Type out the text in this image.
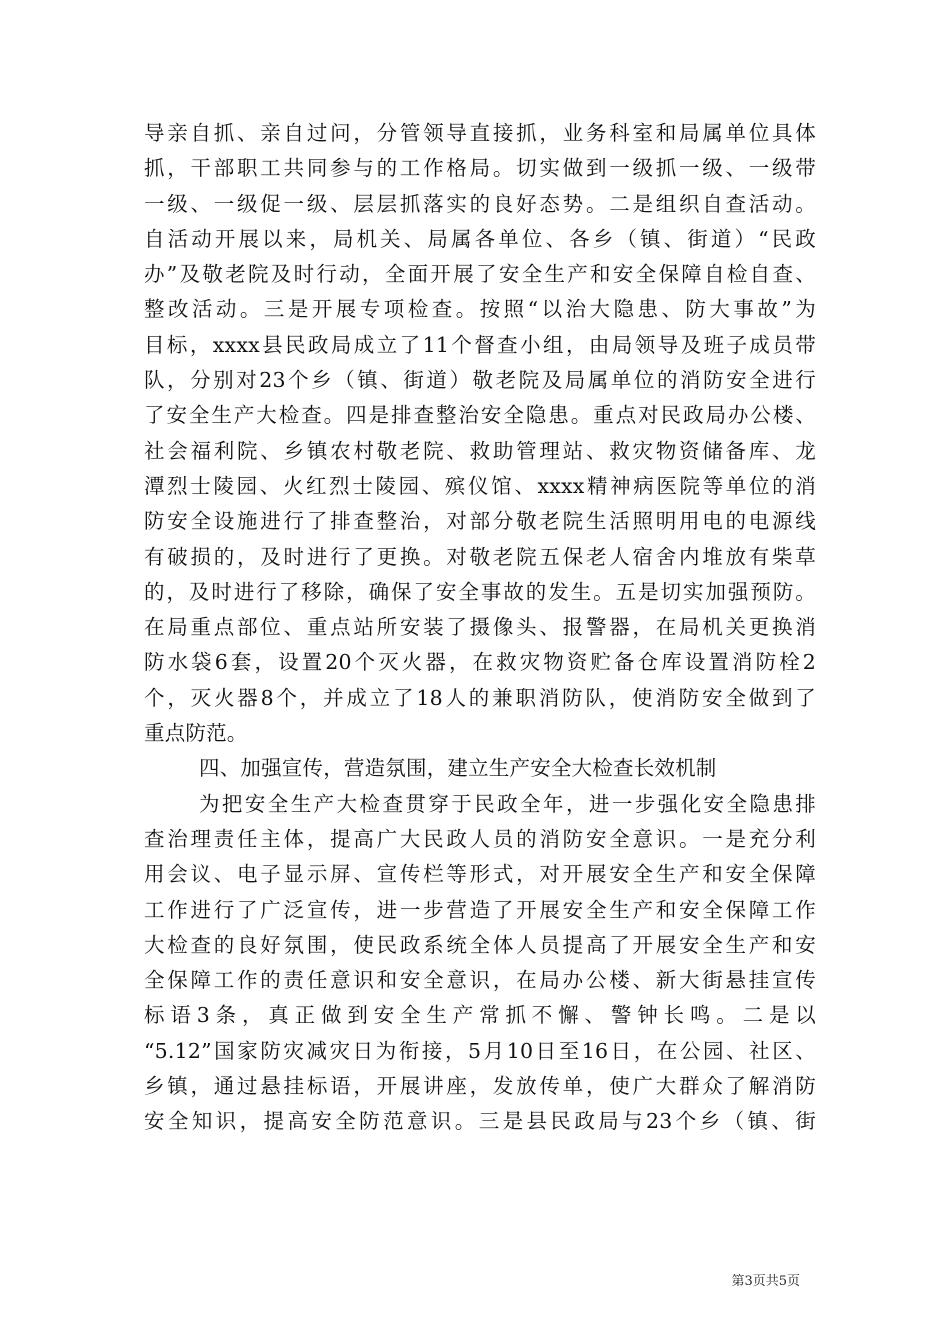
导亲自抓、亲自过问，分管领导直接抓，业务科室和局属单位具体
抓，干部职工共同参与的工作格局。切实做到一级抓一级、一级带
一级、一级促一级、层层抓落实的良好态势。二是组织自查活动。
自活动开展以来，局机关、局属各单位、各乡（镇、街道）“民政
办”及敬老院及时行动，全面开展了安全生产和安全保障自检自查、
整改活动。三是开展专项检查。按照“以治大隐患、防大事故”为
目标，xxxx县民政局成立了11个督查小组，由局领导及班子成员带
队，分别对23个乡（镇、街道）敬老院及局属单位的消防安全进行
了安全生产大检查。四是排查整治安全隐患。重点对民政局办公楼、
社会福利院、乡镇农村敬老院、救助管理站、救灾物资储备库、龙
潭烈士陵园、火红烈士陵园、殡仪馆、xxxx精神病医院等单位的消
防安全设施进行了排查整治，对部分敬老院生活照明用电的电源线
有破损的，及时进行了更换。对敬老院五保老人宿舍内堆放有柴草
的，及时进行了移除，确保了安全事故的发生。五是切实加强预防。
在局重点部位、重点站所安装了摄像头、报警器，在局机关更换消
防水袋6套，设置20个灭火器，在救灾物资贮备仓库设置消防栓2
个，灭火器8个，并成立了18人的兼职消防队，使消防安全做到了
重点防范。
四、加强宣传，营造氛围，建立生产安全大检查长效机制
为把安全生产大检查贯穿于民政全年，进一步强化安全隐患排
查治理责任主体，提高广大民政人员的消防安全意识。一是充分利
用会议、电子显示屏、宣传栏等形式，对开展安全生产和安全保障
工作进行了广泛宣传，进一步营造了开展安全生产和安全保障工作
大检查的良好氛围，使民政系统全体人员提高了开展安全生产和安
全保障工作的责任意识和安全意识，在局办公楼、新大街悬挂宣传
标语3条，真正做到安全生产常抓不懈、警钟长鸣。二是以
“5.12”国家防灾减灾日为衔接，5月10日至16日，在公园、社区、
乡镇，通过悬挂标语，开展讲座，发放传单，使广大群众了解消防
安全知识，提高安全防范意识。三是县民政局与23个乡（镇、街
第3页共5页
